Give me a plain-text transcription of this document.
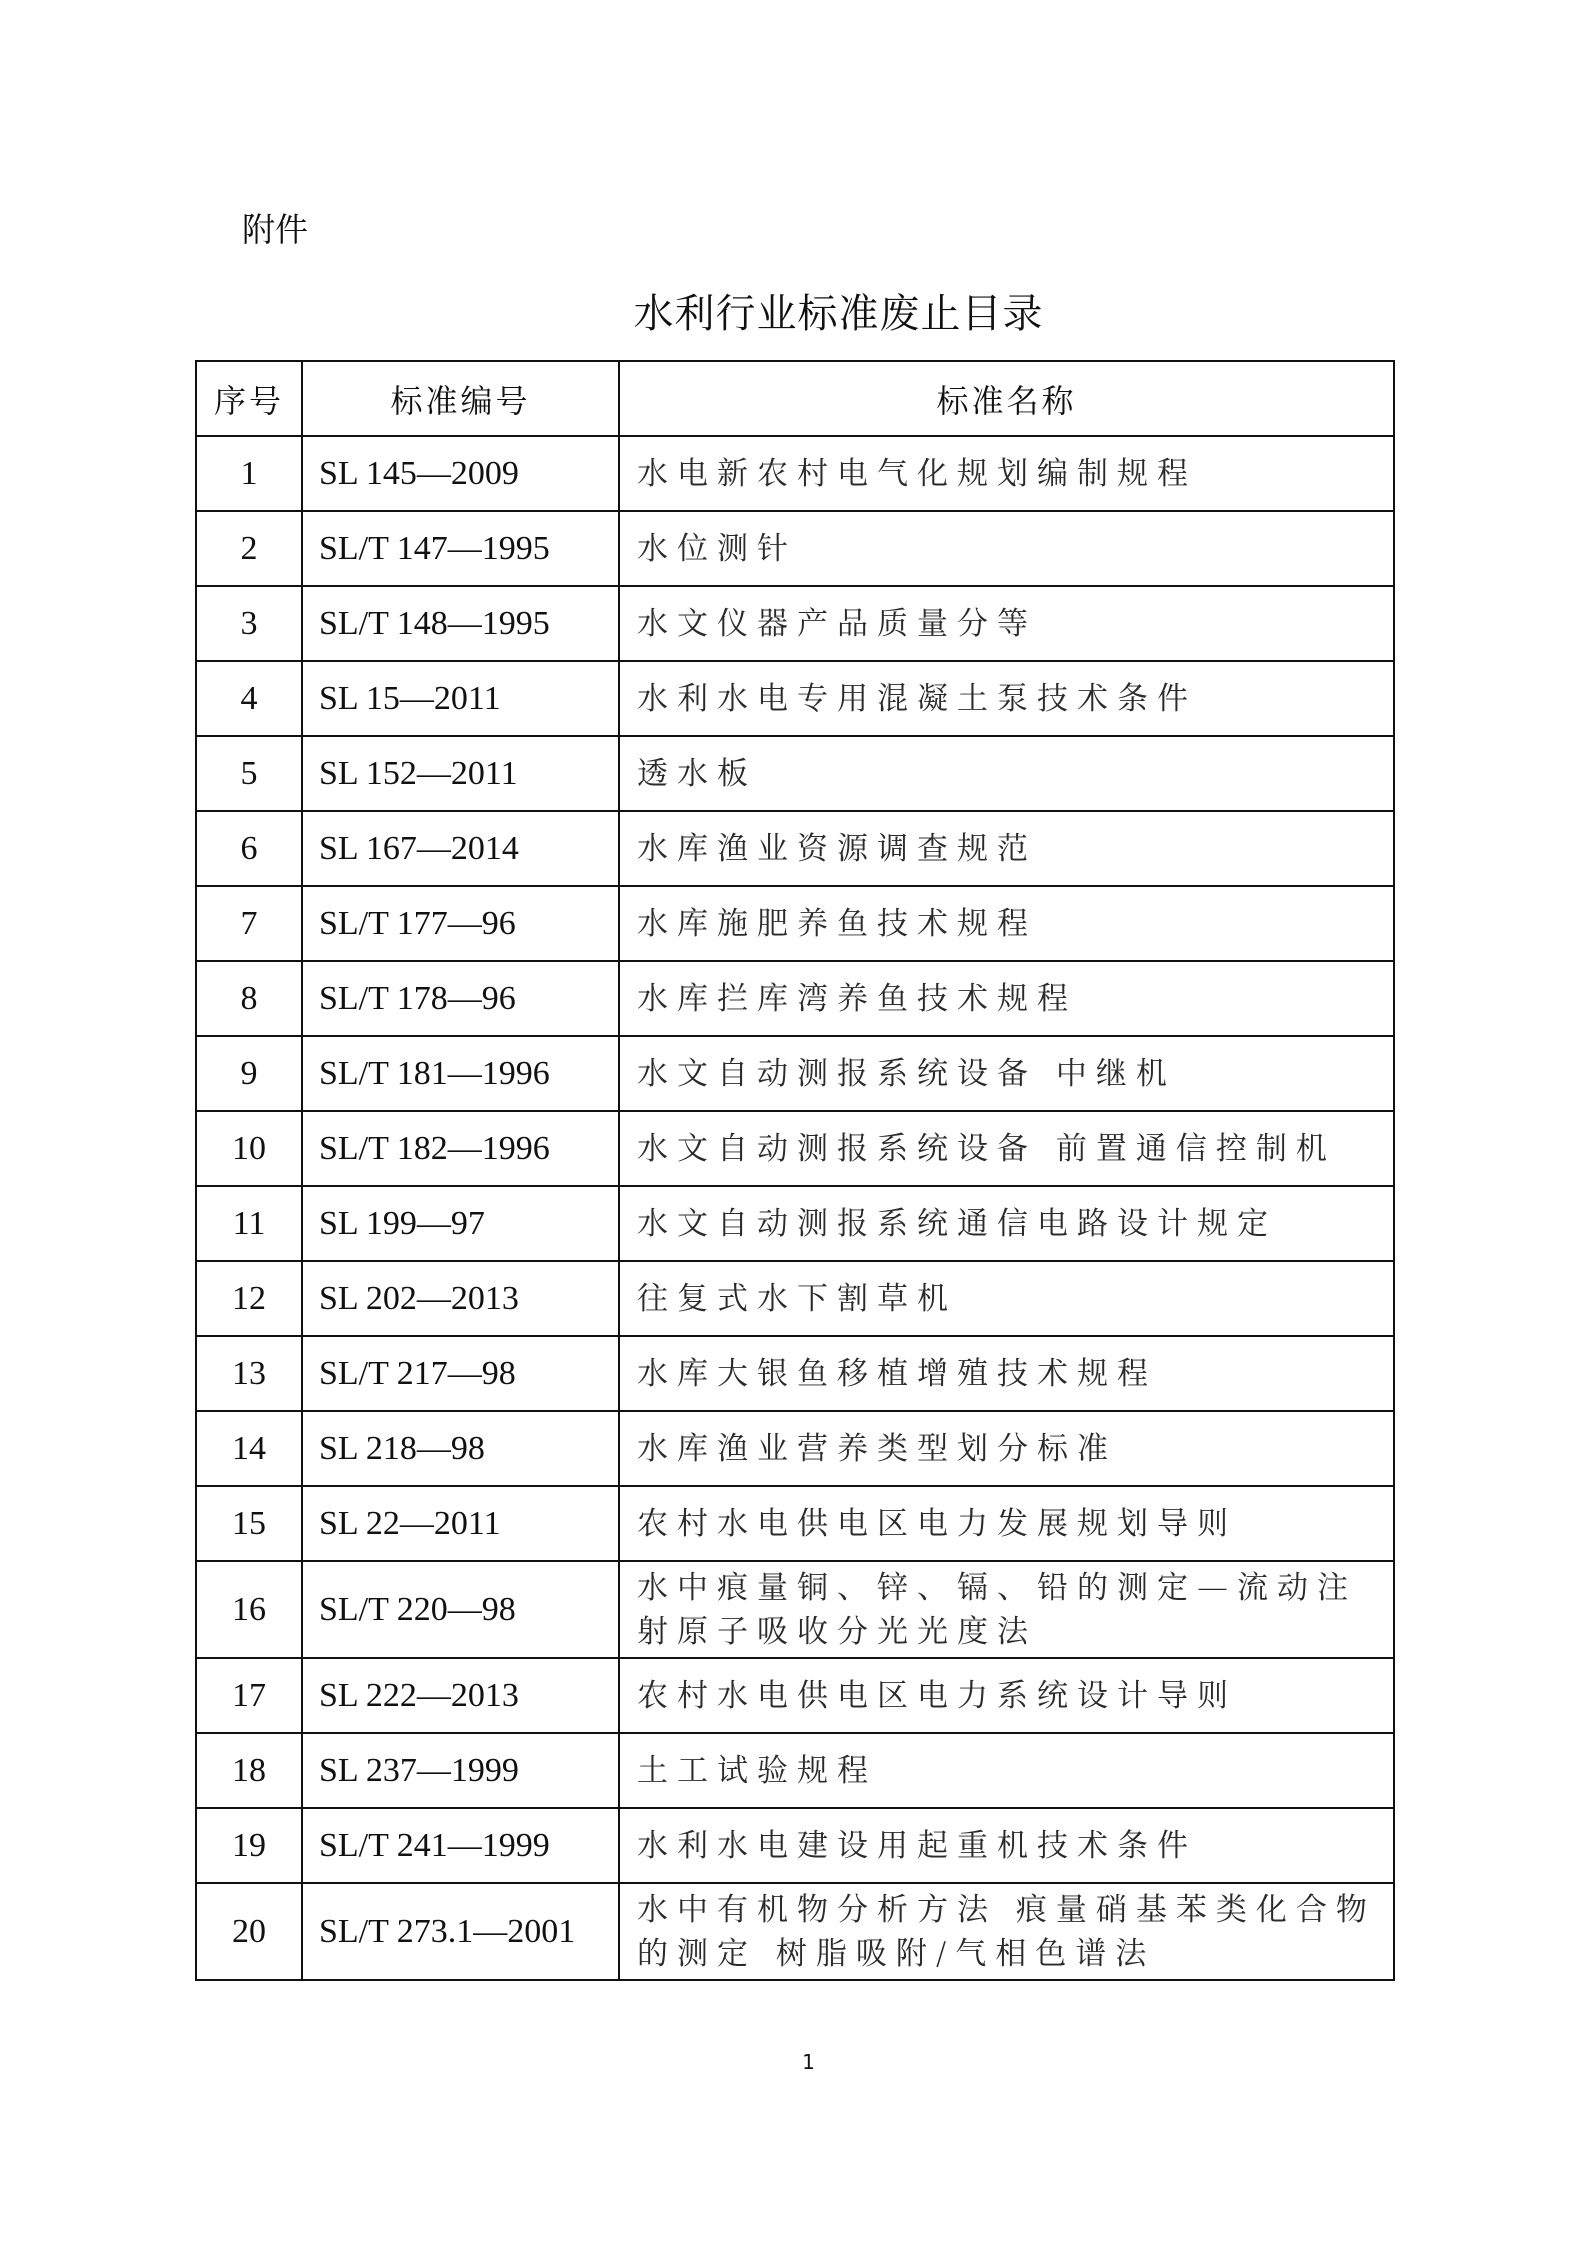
附件
水利行业标准废止目录
序号	标准编号	标准名称
1	SL 145—2009	水电新农村电气化规划编制规程
2	SL/T 147—1995	水位测针
3	SL/T 148—1995	水文仪器产品质量分等
4	SL 15—2011	水利水电专用混凝土泵技术条件
5	SL 152—2011	透水板
6	SL 167—2014	水库渔业资源调查规范
7	SL/T 177—96	水库施肥养鱼技术规程
8	SL/T 178—96	水库拦库湾养鱼技术规程
9	SL/T 181—1996	水文自动测报系统设备 中继机
10	SL/T 182—1996	水文自动测报系统设备 前置通信控制机
11	SL 199—97	水文自动测报系统通信电路设计规定
12	SL 202—2013	往复式水下割草机
13	SL/T 217—98	水库大银鱼移植增殖技术规程
14	SL 218—98	水库渔业营养类型划分标准
15	SL 22—2011	农村水电供电区电力发展规划导则
16	SL/T 220—98	水中痕量铜、锌、镉、铅的测定—流动注射原子吸收分光光度法
17	SL 222—2013	农村水电供电区电力系统设计导则
18	SL 237—1999	土工试验规程
19	SL/T 241—1999	水利水电建设用起重机技术条件
20	SL/T 273.1—2001	水中有机物分析方法 痕量硝基苯类化合物的测定 树脂吸附/气相色谱法
1
